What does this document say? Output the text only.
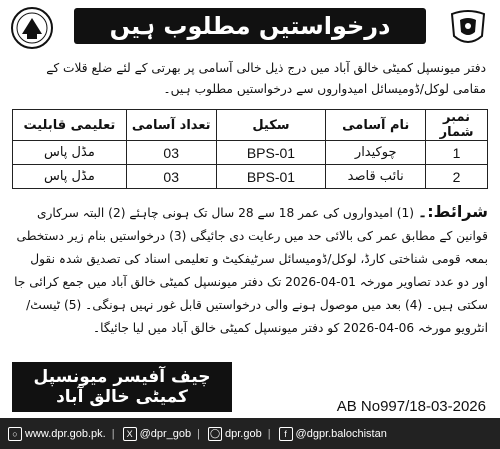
درخواستیں مطلوب ہیں
دفتر میونسپل کمیٹی خالق آباد میں درج ذیل خالی آسامی پر بھرتی کے لئے ضلع قلات کے مقامی لوکل/ڈومیسائل امیدواروں سے درخواستیں مطلوب ہیں۔
نمبر شمار	نام آسامی	سکیل	تعداد آسامی	تعلیمی قابلیت
1	چوکیدار	BPS-01	03	مڈل پاس
2	نائب قاصد	BPS-01	03	مڈل پاس
شرائط:۔ (1) امیدواروں کی عمر 18 سے 28 سال تک ہونی چاہئے (2) البتہ سرکاری قوانین کے مطابق عمر کی بالائی حد میں رعایت دی جائیگی (3) درخواستیں بنام زیر دستخطی بمعہ قومی شناختی کارڈ، لوکل/ڈومیسائل سرٹیفکیٹ و تعلیمی اسناد کی تصدیق شدہ نقول اور دو عدد تصاویر مورخہ 01-04-2026 تک دفتر میونسپل کمیٹی خالق آباد میں جمع کرائی جا سکتی ہیں۔ (4) بعد میں موصول ہونے والی درخواستیں قابل غور نہیں ہونگی۔ (5) ٹیسٹ/انٹرویو مورخہ 06-04-2026 کو دفتر میونسپل کمیٹی خالق آباد میں لیا جائیگا۔
چیف آفیسر میونسپل
کمیٹی خالق آباد	AB No997/18-03-2026
○ www.dpr.gob.pk. |	X @dpr_gob | ◯ dpr.gob |	f @dgpr.balochistan
